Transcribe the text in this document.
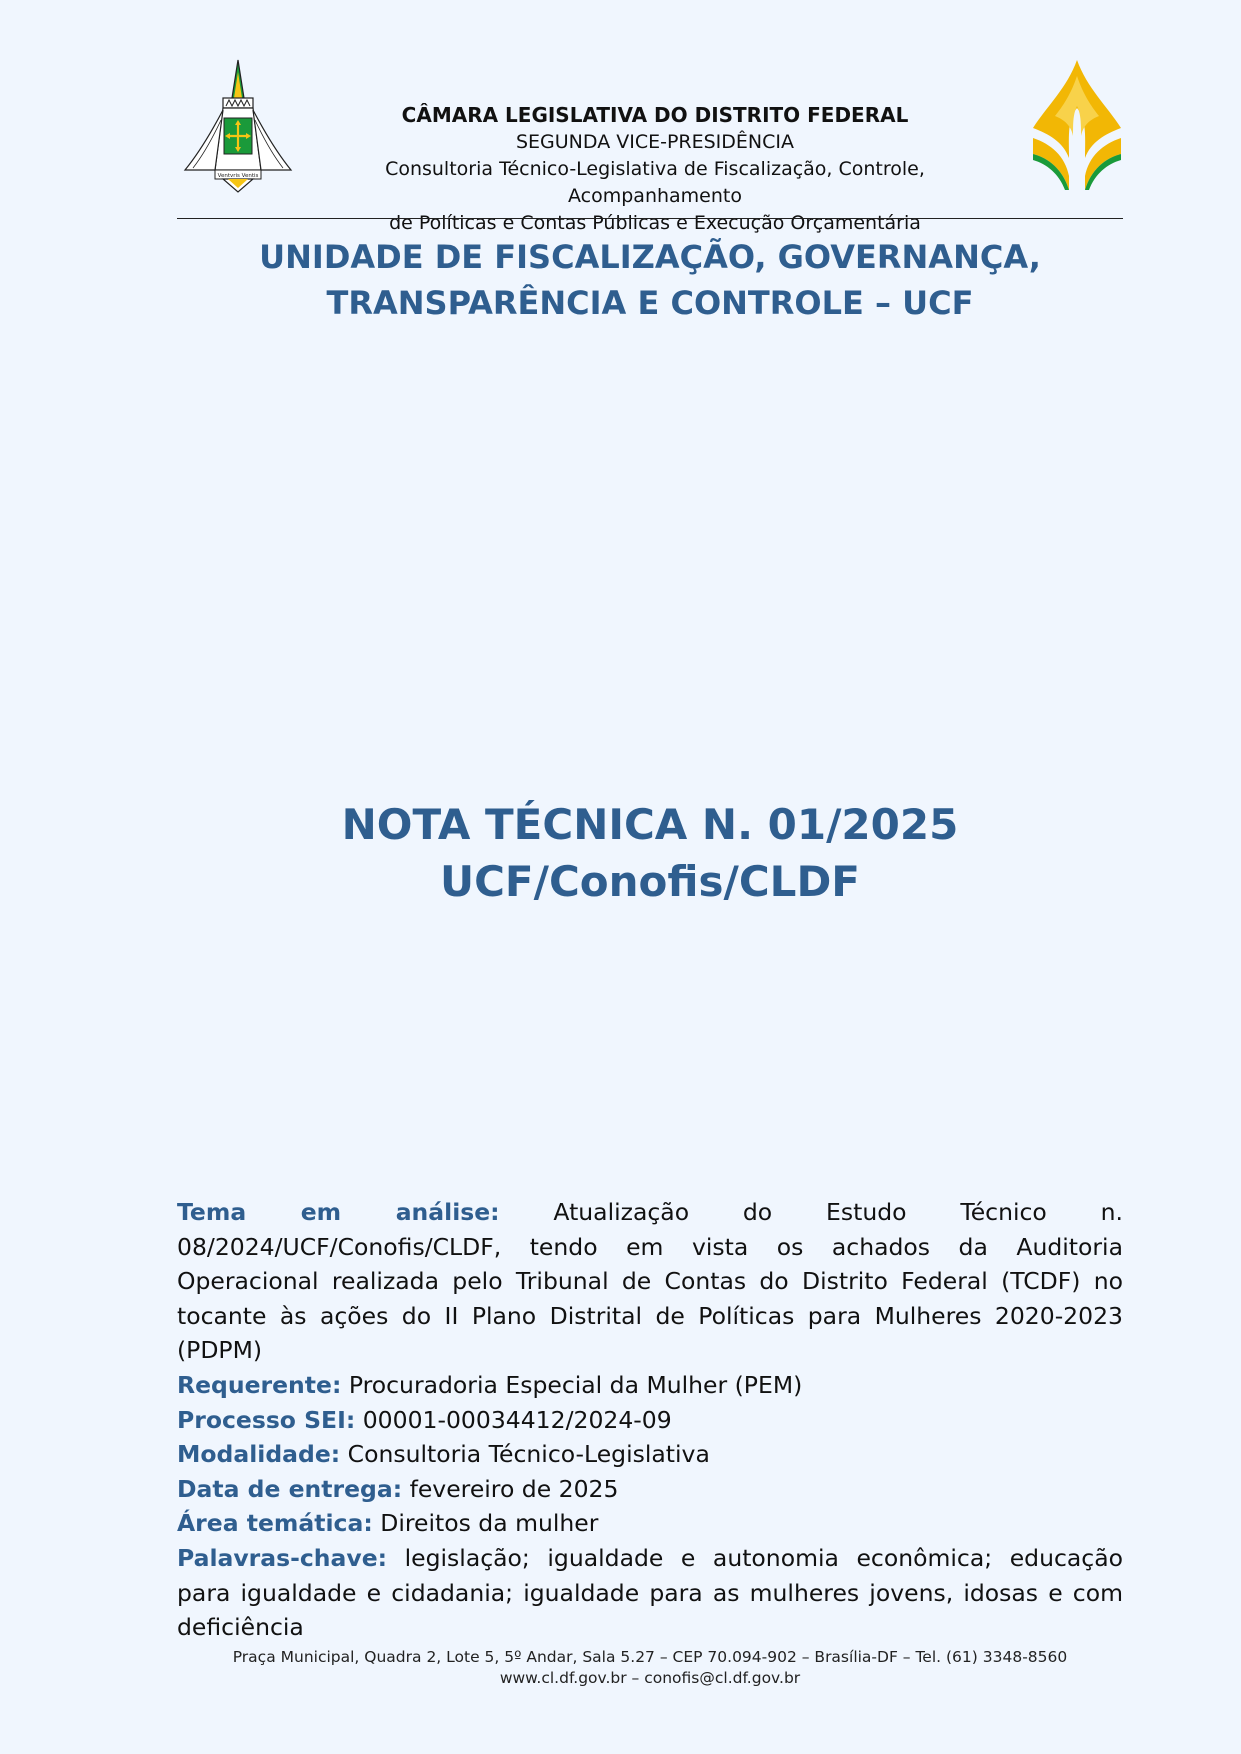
Ventvris Ventis
CÂMARA LEGISLATIVA DO DISTRITO FEDERAL
SEGUNDA VICE-PRESIDÊNCIA
Consultoria Técnico-Legislativa de Fiscalização, Controle, Acompanhamento
de Políticas e Contas Públicas e Execução Orçamentária
UNIDADE DE FISCALIZAÇÃO, GOVERNANÇA,
TRANSPARÊNCIA E CONTROLE – UCF
NOTA TÉCNICA N. 01/2025
UCF/Conofis/CLDF

Tema em análise: Atualização do Estudo Técnico n. 08/2024/UCF/Conofis/CLDF, tendo em vista os achados da Auditoria Operacional realizada pelo Tribunal de Contas do Distrito Federal (TCDF) no tocante às ações do II Plano Distrital de Políticas para Mulheres 2020-2023 (PDPM)

Requerente: Procuradoria Especial da Mulher (PEM)

Processo SEI: 00001-00034412/2024-09

Modalidade: Consultoria Técnico-Legislativa

Data de entrega: fevereiro de 2025

Área temática: Direitos da mulher

Palavras-chave: legislação; igualdade e autonomia econômica; educação para igualdade e cidadania; igualdade para as mulheres jovens, idosas e com deficiência

Praça Municipal, Quadra 2, Lote 5, 5º Andar, Sala 5.27 – CEP 70.094-902 – Brasília-DF – Tel. (61) 3348-8560
www.cl.df.gov.br – conofis@cl.df.gov.br
